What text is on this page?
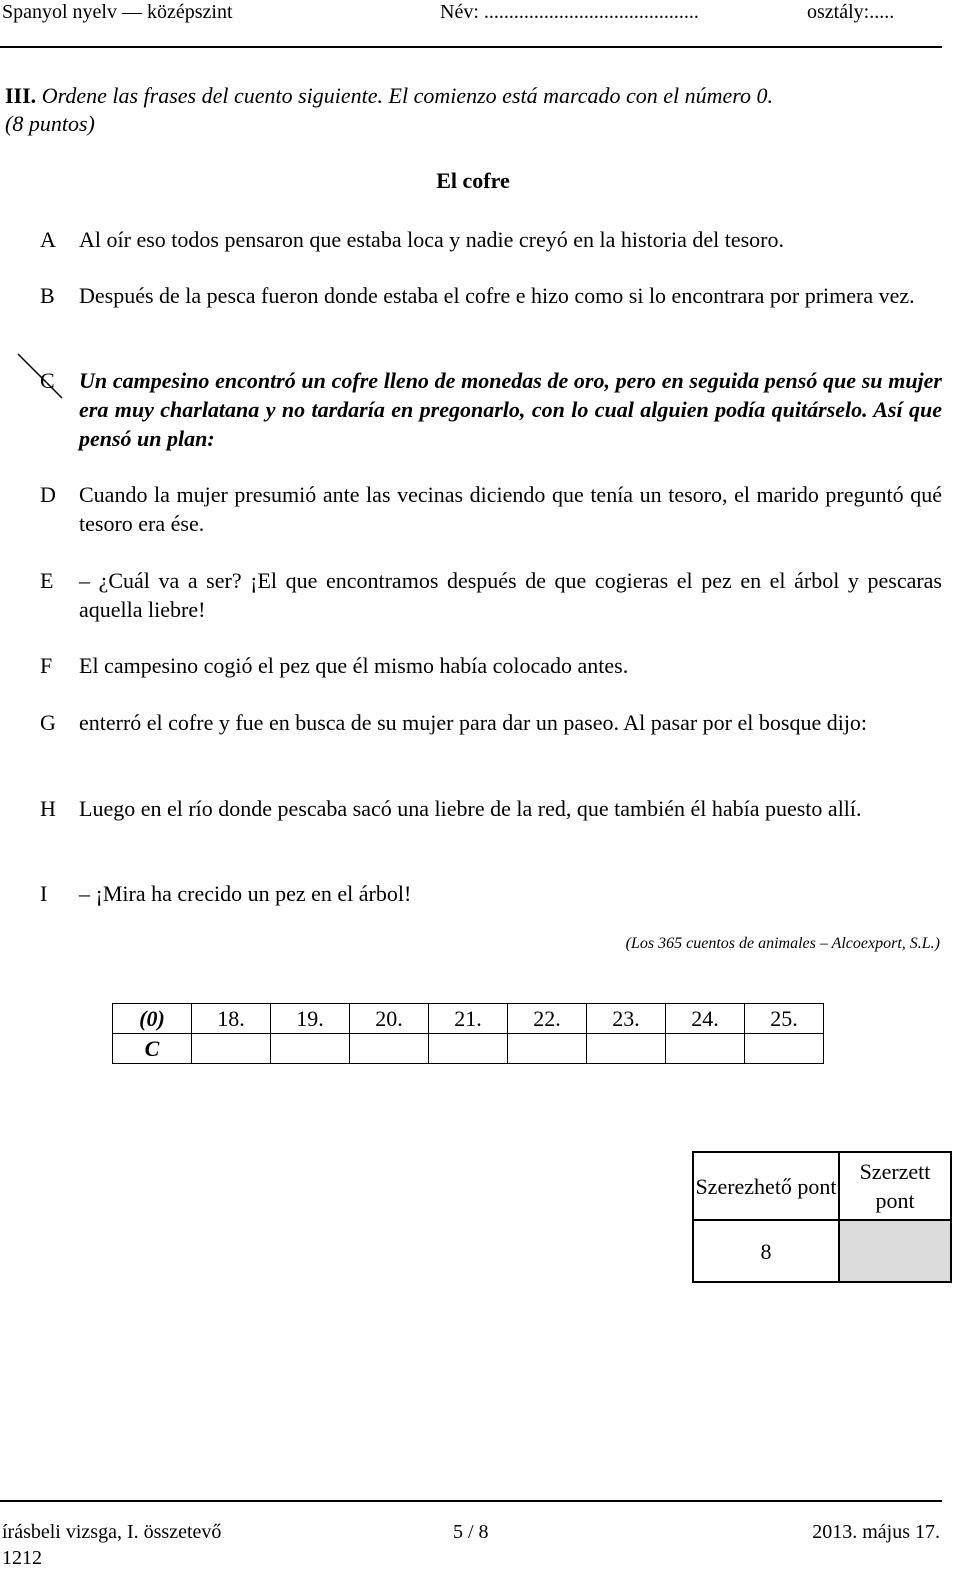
Spanyol nyelv — középszint	Név: ...........................................	osztály:.....
III. Ordene las frases del cuento siguiente. El comienzo está marcado con el número 0.
(8 puntos)
El cofre
A	Al oír eso todos pensaron que estaba loca y nadie creyó en la historia del tesoro.
B	Después de la pesca fueron donde estaba el cofre e hizo como si lo encontrara por primera vez.
C	Un campesino encontró un cofre lleno de monedas de oro, pero en seguida pensó que su mujer era muy charlatana y no tardaría en pregonarlo, con lo cual alguien podía quitárselo. Así que pensó un plan:
D	Cuando la mujer presumió ante las vecinas diciendo que tenía un tesoro, el marido preguntó qué tesoro era ése.
E	– ¿Cuál va a ser? ¡El que encontramos después de que cogieras el pez en el árbol y pescaras aquella liebre!
F	El campesino cogió el pez que él mismo había colocado antes.
G	enterró el cofre y fue en busca de su mujer para dar un paseo. Al pasar por el bosque dijo:
H	Luego en el río donde pescaba sacó una liebre de la red, que también él había puesto allí.
I	– ¡Mira ha crecido un pez en el árbol!
(Los 365 cuentos de animales – Alcoexport, S.L.)
(0)	18.	19.	20.	21.	22.	23.	24.	25.
C								
Szerezhető pont	Szerzett pont
8	
írásbeli vizsga, I. összetevő	5 / 8	2013. május 17.
1212
